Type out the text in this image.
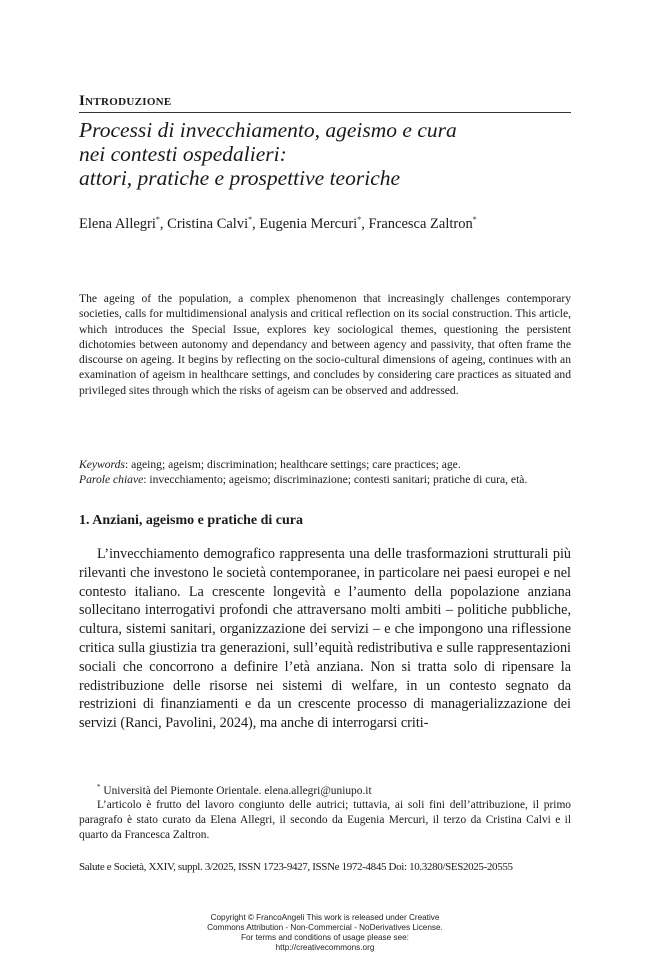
Introduzione
Processi di invecchiamento, ageismo e cura
nei contesti ospedalieri:
attori, pratiche e prospettive teoriche
Elena Allegri*, Cristina Calvi*, Eugenia Mercuri*, Francesca Zaltron*
The ageing of the population, a complex phenomenon that increasingly challenges contemporary societies, calls for multidimensional analysis and critical reflection on its social construction. This article, which introduces the Special Issue, explores key sociological themes, questioning the persistent dichotomies between autonomy and dependancy and between agency and passivity, that often frame the discourse on ageing. It begins by reflecting on the socio-cultural dimensions of ageing, continues with an examination of ageism in healthcare settings, and concludes by considering care practices as situated and privileged sites through which the risks of ageism can be observed and addressed.
Keywords: ageing; ageism; discrimination; healthcare settings; care practices; age.
Parole chiave: invecchiamento; ageismo; discriminazione; contesti sanitari; pratiche di cura, età.
1. Anziani, ageismo e pratiche di cura
L’invecchiamento demografico rappresenta una delle trasformazioni strutturali più rilevanti che investono le società contemporanee, in particolare nei paesi europei e nel contesto italiano. La crescente longevità e l’aumento della popolazione anziana sollecitano interrogativi profondi che attraversano molti ambiti – politiche pubbliche, cultura, sistemi sanitari, organizzazione dei servizi – e che impongono una riflessione critica sulla giustizia tra generazioni, sull’equità redistributiva e sulle rappresentazioni sociali che concorrono a definire l’età anziana. Non si tratta solo di ripensare la redistribuzione delle risorse nei sistemi di welfare, in un contesto segnato da restrizioni di finanziamenti e da un crescente processo di managerializzazione dei servizi (Ranci, Pavolini, 2024), ma anche di interrogarsi criti-

* Università del Piemonte Orientale. elena.allegri@uniupo.it

L’articolo è frutto del lavoro congiunto delle autrici; tuttavia, ai soli fini dell’attribuzione, il primo paragrafo è stato curato da Elena Allegri, il secondo da Eugenia Mercuri, il terzo da Cristina Calvi e il quarto da Francesca Zaltron.

Salute e Società, XXIV, suppl. 3/2025, ISSN 1723-9427, ISSNe 1972-4845 Doi: 10.3280/SES2025-20555
Copyright © FrancoAngeli This work is released under Creative
Commons Attribution - Non-Commercial - NoDerivatives License.
For terms and conditions of usage please see:
http://creativecommons.org
